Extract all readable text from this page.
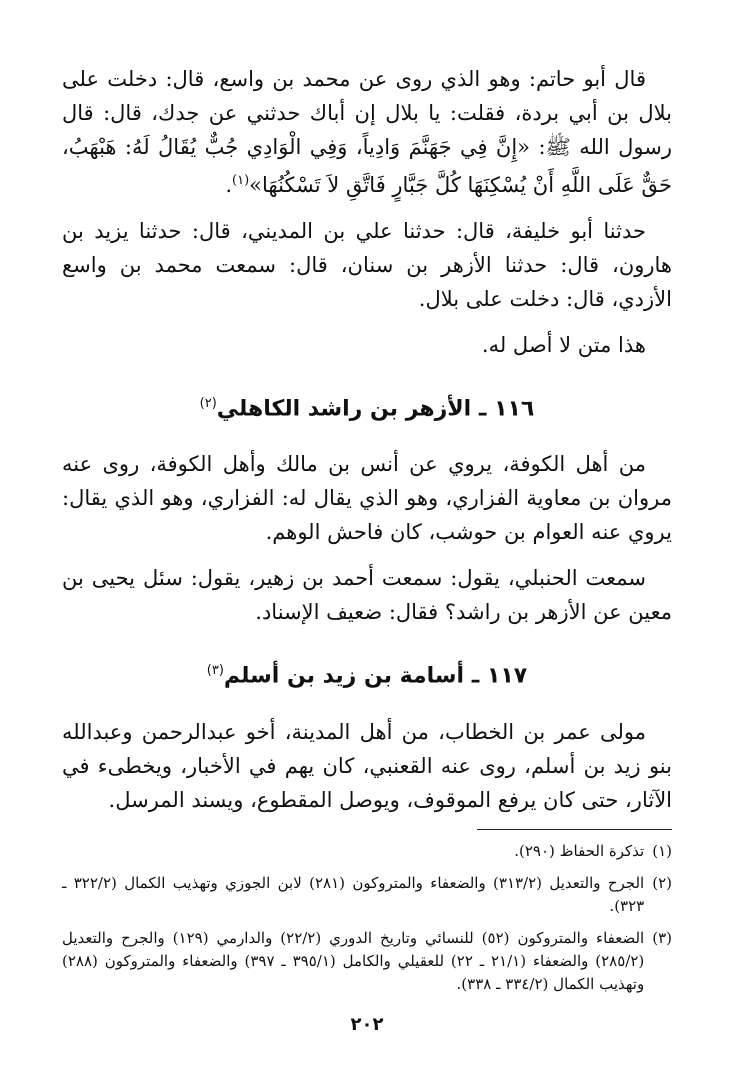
قال أبو حاتم: وهو الذي روى عن محمد بن واسع، قال: دخلت على بلال بن أبي بردة، فقلت: يا بلال إن أباك حدثني عن جدك، قال: قال رسول الله ﷺ: «إِنَّ فِي جَهَنَّمَ وَادِياً، وَفِي الْوَادِي جُبٌّ يُقَالُ لَهُ: هَبْهَبُ، حَقٌّ عَلَى اللَّهِ أَنْ يُسْكِنَهَا كُلَّ جَبَّارٍ فَاتَّقِ لاَ تَسْكُنُهَا»$^{(١)}$.

حدثنا أبو خليفة، قال: حدثنا علي بن المديني، قال: حدثنا يزيد بن هارون، قال: حدثنا الأزهر بن سنان، قال: سمعت محمد بن واسع الأزدي، قال: دخلت على بلال.

هذا متن لا أصل له.

١١٦ ـ الأزهر بن راشد الكاهلي$^{(٢)}$

من أهل الكوفة، يروي عن أنس بن مالك وأهل الكوفة، روى عنه مروان بن معاوية الفزاري، وهو الذي يقال له: الفزاري، وهو الذي يقال: يروي عنه العوام بن حوشب، كان فاحش الوهم.

سمعت الحنبلي، يقول: سمعت أحمد بن زهير، يقول: سئل يحيى بن معين عن الأزهر بن راشد؟ فقال: ضعيف الإسناد.

١١٧ ـ أسامة بن زيد بن أسلم$^{(٣)}$

مولى عمر بن الخطاب، من أهل المدينة، أخو عبدالرحمن وعبدالله بنو زيد بن أسلم، روى عنه القعنبي، كان يهم في الأخبار، ويخطىء في الآثار، حتى كان يرفع الموقوف، ويوصل المقطوع، ويسند المرسل.

(١)
تذكرة الحفاظ (٢٩٠).
(٢)
الجرح والتعديل (٣١٣/٢) والضعفاء والمتروكون (٢٨١) لابن الجوزي وتهذيب الكمال (٣٢٢/٢ ـ ٣٢٣).
(٣)
الضعفاء والمتروكون (٥٢) للنسائي وتاريخ الدوري (٢٢/٢) والدارمي (١٢٩) والجرح والتعديل (٢٨٥/٢) والضعفاء (٢١/١ ـ ٢٢) للعقيلي والكامل (٣٩٥/١ ـ ٣٩٧) والضعفاء والمتروكون (٢٨٨) وتهذيب الكمال (٣٣٤/٢ ـ ٣٣٨).
٢٠٢
